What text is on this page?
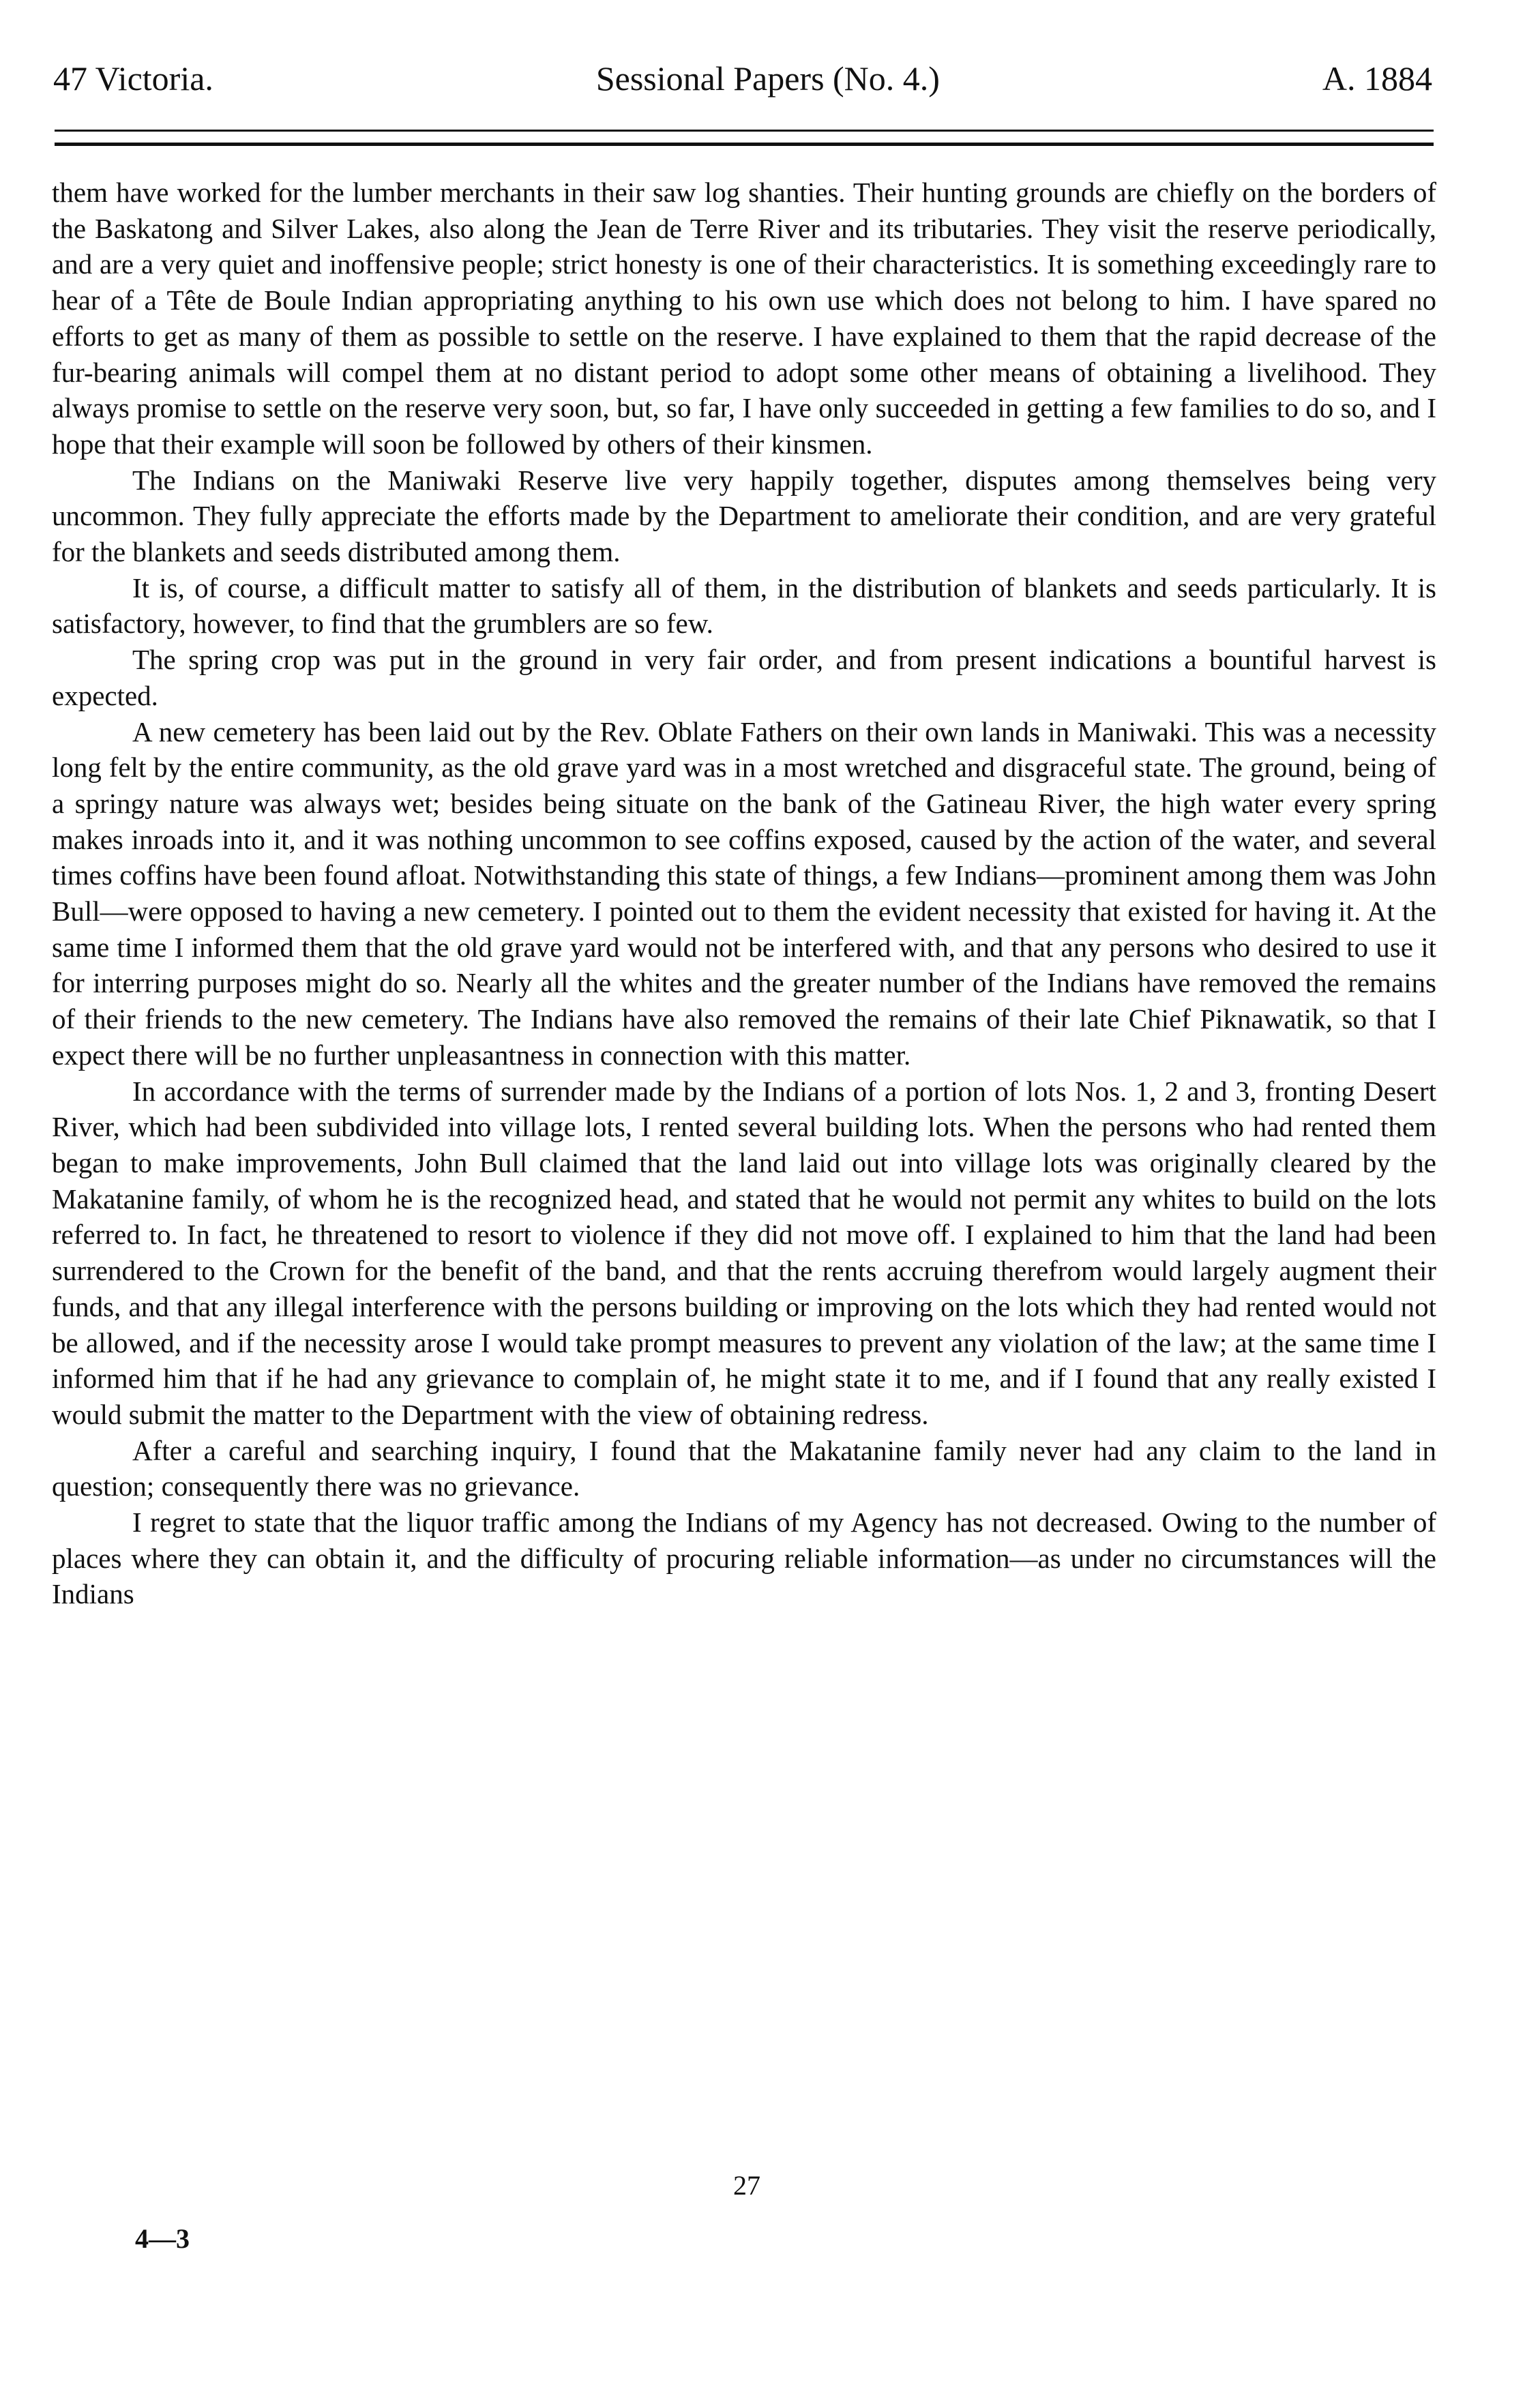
47 Victoria.	Sessional Papers (No. 4.)	A. 1884

them have worked for the lumber merchants in their saw log shanties. Their hunting grounds are chiefly on the borders of the Baskatong and Silver Lakes, also along the Jean de Terre River and its tributaries. They visit the reserve periodically, and are a very quiet and inoffensive people; strict honesty is one of their characteristics. It is something exceedingly rare to hear of a Tête de Boule Indian appropriating anything to his own use which does not belong to him. I have spared no efforts to get as many of them as possible to settle on the reserve. I have explained to them that the rapid decrease of the fur-bearing animals will compel them at no distant period to adopt some other means of obtaining a livelihood. They always promise to settle on the reserve very soon, but, so far, I have only succeeded in getting a few families to do so, and I hope that their example will soon be followed by others of their kinsmen.

The Indians on the Maniwaki Reserve live very happily together, disputes among themselves being very uncommon. They fully appreciate the efforts made by the Department to ameliorate their condition, and are very grateful for the blankets and seeds distributed among them.

It is, of course, a difficult matter to satisfy all of them, in the distribution of blankets and seeds particularly. It is satisfactory, however, to find that the grumblers are so few.

The spring crop was put in the ground in very fair order, and from present indications a bountiful harvest is expected.

A new cemetery has been laid out by the Rev. Oblate Fathers on their own lands in Maniwaki. This was a necessity long felt by the entire community, as the old grave yard was in a most wretched and disgraceful state. The ground, being of a springy nature was always wet; besides being situate on the bank of the Gatineau River, the high water every spring makes inroads into it, and it was nothing uncommon to see coffins exposed, caused by the action of the water, and several times coffins have been found afloat. Notwithstanding this state of things, a few Indians—prominent among them was John Bull—were opposed to having a new cemetery. I pointed out to them the evident necessity that existed for having it. At the same time I informed them that the old grave yard would not be interfered with, and that any persons who desired to use it for interring purposes might do so. Nearly all the whites and the greater number of the Indians have removed the remains of their friends to the new cemetery. The Indians have also removed the remains of their late Chief Piknawatik, so that I expect there will be no further unpleasantness in connection with this matter.

In accordance with the terms of surrender made by the Indians of a portion of lots Nos. 1, 2 and 3, fronting Desert River, which had been subdivided into village lots, I rented several building lots. When the persons who had rented them began to make improvements, John Bull claimed that the land laid out into village lots was originally cleared by the Makatanine family, of whom he is the recognized head, and stated that he would not permit any whites to build on the lots referred to. In fact, he threatened to resort to violence if they did not move off. I explained to him that the land had been surrendered to the Crown for the benefit of the band, and that the rents accruing therefrom would largely augment their funds, and that any illegal interference with the persons building or improving on the lots which they had rented would not be allowed, and if the necessity arose I would take prompt measures to prevent any violation of the law; at the same time I informed him that if he had any grievance to complain of, he might state it to me, and if I found that any really existed I would submit the matter to the Department with the view of obtaining redress.

After a careful and searching inquiry, I found that the Makatanine family never had any claim to the land in question; consequently there was no grievance.

I regret to state that the liquor traffic among the Indians of my Agency has not decreased. Owing to the number of places where they can obtain it, and the difficulty of procuring reliable information—as under no circumstances will the Indians

27
4—3
